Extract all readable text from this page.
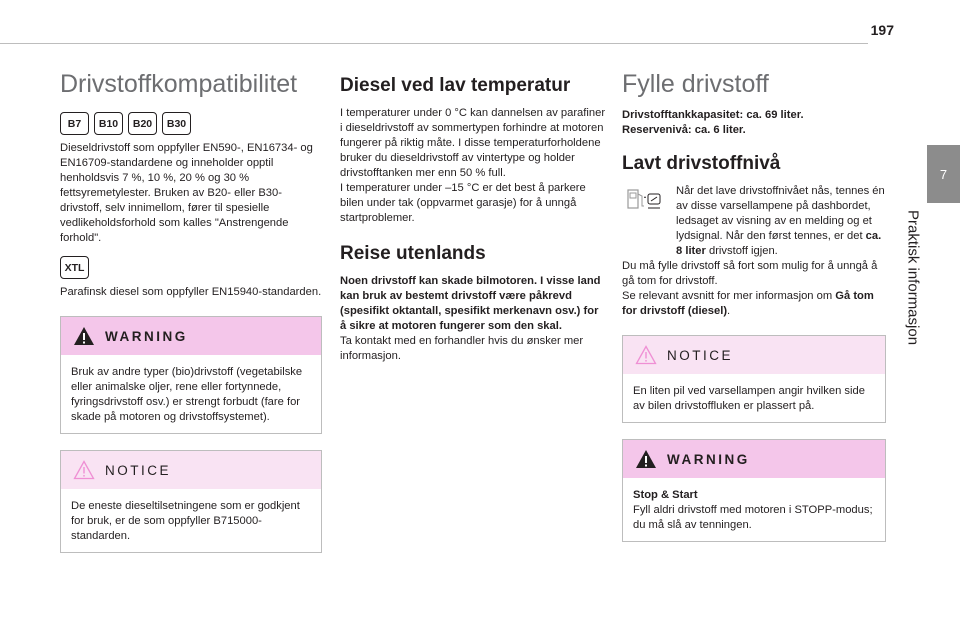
197
7
Praktisk informasjon
Drivstoffkompatibilitet
B7	B10	B20	B30

Dieseldrivstoff som oppfyller EN590-, EN16734- og EN16709-standardene og inneholder opptil henholdsvis 7 %, 10 %, 20 % og 30 % fettsyremetylester. Bruken av B20- eller B30-drivstoff, selv innimellom, fører til spesielle vedlikeholdsforhold som kalles "Anstrengende forhold".

XTL

Parafinsk diesel som oppfyller EN15940-standarden.

WARNING

Bruk av andre typer (bio)drivstoff (vegetabilske eller animalske oljer, rene eller fortynnede, fyringsdrivstoff osv.) er strengt forbudt (fare for skade på motoren og drivstoffsystemet).

NOTICE

De eneste dieseltilsetningene som er godkjent for bruk, er de som oppfyller B715000-standarden.

Diesel ved lav temperatur

I temperaturer under 0 °C kan dannelsen av parafiner i dieseldrivstoff av sommertypen forhindre at motoren fungerer på riktig måte. I disse temperaturforholdene bruker du dieseldrivstoff av vintertype og holder drivstofftanken mer enn 50 % full.

I temperaturer under –15 °C er det best å parkere bilen under tak (oppvarmet garasje) for å unngå startproblemer.

Reise utenlands

Noen drivstoff kan skade bilmotoren. I visse land kan bruk av bestemt drivstoff være påkrevd (spesifikt oktantall, spesifikt merkenavn osv.) for å sikre at motoren fungerer som den skal.

Ta kontakt med en forhandler hvis du ønsker mer informasjon.

Fylle drivstoff

Drivstofftankkapasitet: ca. 69 liter.

Reservenivå: ca. 6 liter.

Lavt drivstoffnivå

Når det lave drivstoffnivået nås, tennes én av disse varsellampene på dashbordet, ledsaget av visning av en melding og et lydsignal. Når den først tennes, er det ca. 8 liter drivstoff igjen.

Du må fylle drivstoff så fort som mulig for å unngå å gå tom for drivstoff.

Se relevant avsnitt for mer informasjon om Gå tom for drivstoff (diesel).

NOTICE

En liten pil ved varsellampen angir hvilken side av bilen drivstoffluken er plassert på.

WARNING

Stop & Start

Fyll aldri drivstoff med motoren i STOPP-modus; du må slå av tenningen.
